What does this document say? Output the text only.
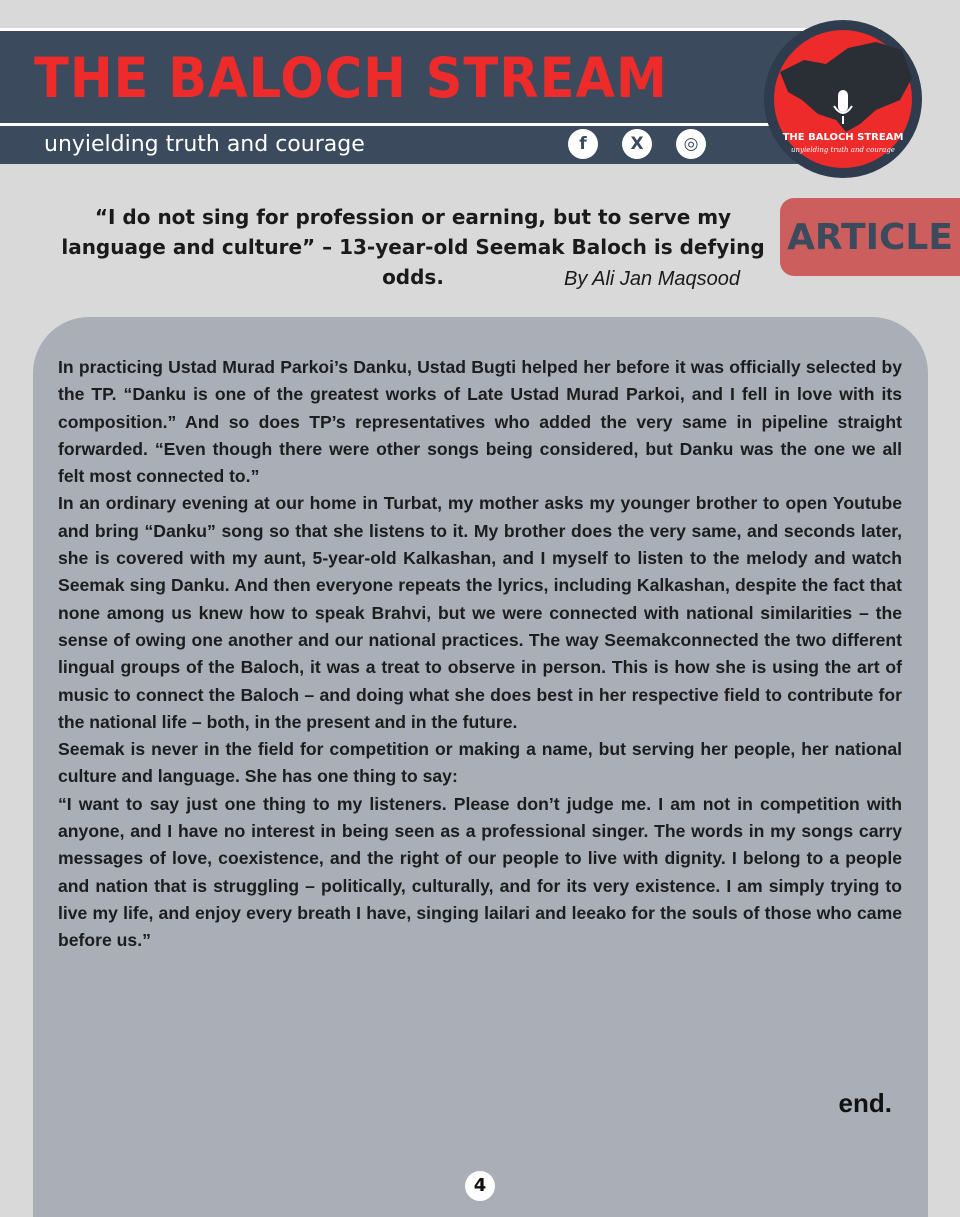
THE BALOCH STREAM
unyielding truth and courage	f	X	◎	THE BALOCH STREAM
unyielding truth and courage
“I do not sing for profession or earning, but to serve my language and culture” – 13-year-old Seemak Baloch is defying odds.	By Ali Jan Maqsood
ARTICLE

In practicing Ustad Murad Parkoi’s Danku, Ustad Bugti helped her before it was officially selected by the TP. “Danku is one of the greatest works of Late Ustad Murad Parkoi, and I fell in love with its composition.” And so does TP’s representatives who added the very same in pipeline straight forwarded. “Even though there were other songs being considered, but Danku was the one we all felt most connected to.”

In an ordinary evening at our home in Turbat, my mother asks my younger brother to open Youtube and bring “Danku” song so that she listens to it. My brother does the very same, and seconds later, she is covered with my aunt, 5-year-old Kalkashan, and I myself to listen to the melody and watch Seemak sing Danku. And then everyone repeats the lyrics, including Kalkashan, despite the fact that none among us knew how to speak Brahvi, but we were connected with national similarities – the sense of owing one another and our national practices. The way Seemakconnected the two different lingual groups of the Baloch, it was a treat to observe in person. This is how she is using the art of music to connect the Baloch – and doing what she does best in her respective field to contribute for the national life – both, in the present and in the future.

Seemak is never in the field for competition or making a name, but serving her people, her national culture and language. She has one thing to say:

“I want to say just one thing to my listeners. Please don’t judge me. I am not in competition with anyone, and I have no interest in being seen as a professional singer. The words in my songs carry messages of love, coexistence, and the right of our people to live with dignity. I belong to a people and nation that is struggling – politically, culturally, and for its very existence. I am simply trying to live my life, and enjoy every breath I have, singing lailari and leeako for the souls of those who came before us.”

end.
4
